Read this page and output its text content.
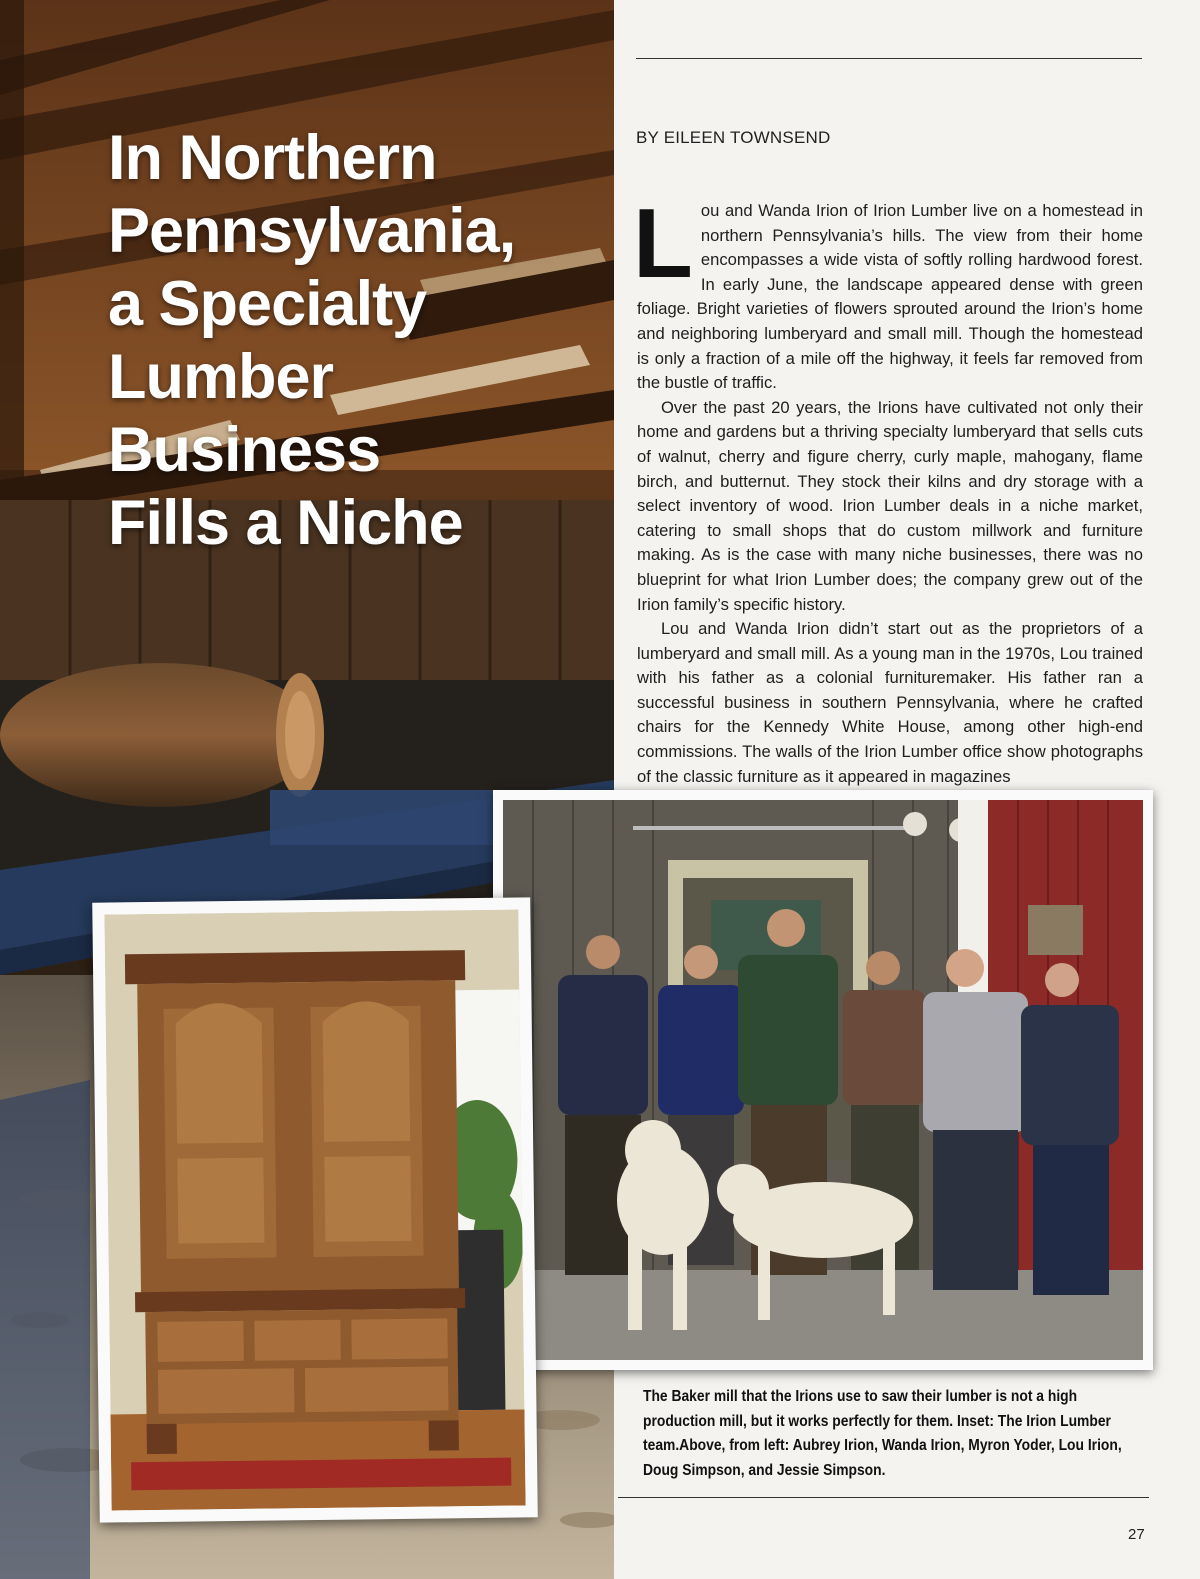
In Northern
Pennsylvania,
a Specialty
Lumber
Business
Fills a Niche
BY EILEEN TOWNSEND

Lou and Wanda Irion of Irion Lumber live on a homestead in northern Pennsylvania’s hills. The view from their home encompasses a wide vista of softly rolling hardwood forest. In early June, the landscape appeared dense with green foliage. Bright varieties of flowers sprouted around the Irion’s home and neighboring lumberyard and small mill. Though the homestead is only a fraction of a mile off the highway, it feels far removed from the bustle of traffic.

Over the past 20 years, the Irions have cultivated not only their home and gardens but a thriving specialty lumberyard that sells cuts of walnut, cherry and figure cherry, curly maple, mahogany, flame birch, and butternut. They stock their kilns and dry storage with a select inventory of wood. Irion Lumber deals in a niche market, catering to small shops that do custom millwork and furniture making. As is the case with many niche businesses, there was no blueprint for what Irion Lumber does; the company grew out of the Irion family’s specific history.

Lou and Wanda Irion didn’t start out as the proprietors of a lumberyard and small mill. As a young man in the 1970s, Lou trained with his father as a colonial furnituremaker. His father ran a successful business in southern Pennsylvania, where he crafted chairs for the Kennedy White House, among other high-end commissions. The walls of the Irion Lumber office show photographs of the classic furniture as it appeared in magazines

The Baker mill that the Irions use to saw their lumber is not a high production mill, but it works perfectly for them. Inset: The Irion Lumber team.Above, from left: Aubrey Irion, Wanda Irion, Myron Yoder, Lou Irion, Doug Simpson, and Jessie Simpson.
27
